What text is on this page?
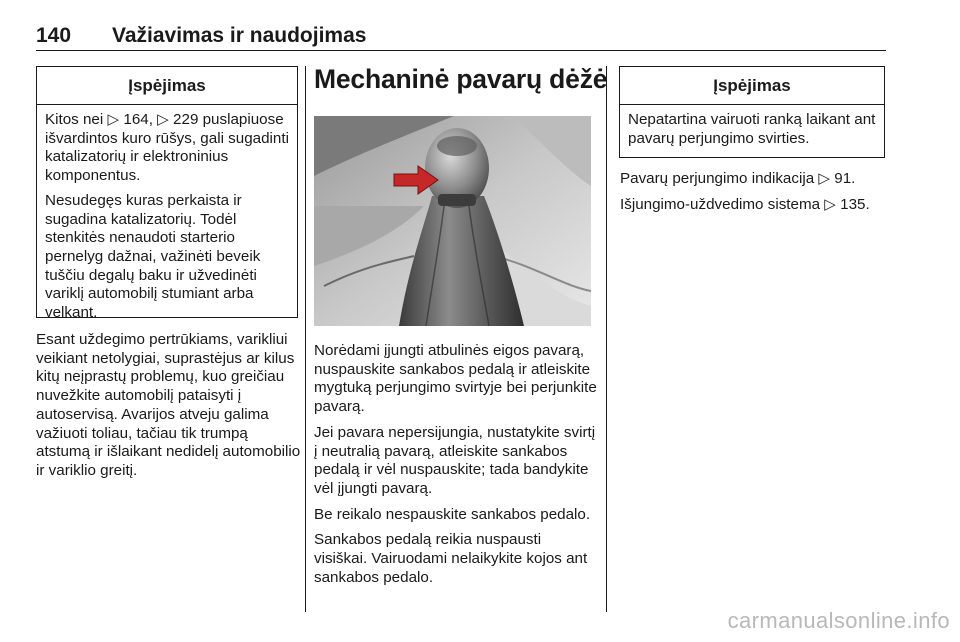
140 Važiavimas ir naudojimas
Įspėjimas

Kitos nei ▷ 164, ▷ 229 puslapiuose išvardintos kuro rūšys, gali sugadinti katalizatorių ir elektroninius komponentus.

Nesudegęs kuras perkaista ir sugadina katalizatorių. Todėl stenkitės nenaudoti starterio pernelyg dažnai, važinėti beveik tuščiu degalų baku ir užvedinėti variklį automobilį stumiant arba velkant.

Esant uždegimo pertrūkiams, varikliui veikiant netolygiai, suprastėjus ar kilus kitų neįprastų problemų, kuo greičiau nuvežkite automobilį pataisyti į autoservisą. Avarijos atveju galima važiuoti toliau, tačiau tik trumpą atstumą ir išlaikant nedidelį automobilio ir variklio greitį.

Mechaninė pavarų dėžė

Norėdami įjungti atbulinės eigos pavarą, nuspauskite sankabos pedalą ir atleiskite mygtuką perjungimo svirtyje bei perjunkite pavarą.

Jei pavara nepersijungia, nustatykite svirtį į neutralią pavarą, atleiskite sankabos pedalą ir vėl nuspauskite; tada bandykite vėl įjungti pavarą.

Be reikalo nespauskite sankabos pedalo.

Sankabos pedalą reikia nuspausti visiškai. Vairuodami nelaikykite kojos ant sankabos pedalo.

Įspėjimas

Nepatartina vairuoti ranką laikant ant pavarų perjungimo svirties.

Pavarų perjungimo indikacija ▷ 91.

Išjungimo-uždvedimo sistema ▷ 135.

carmanualsonline.info
